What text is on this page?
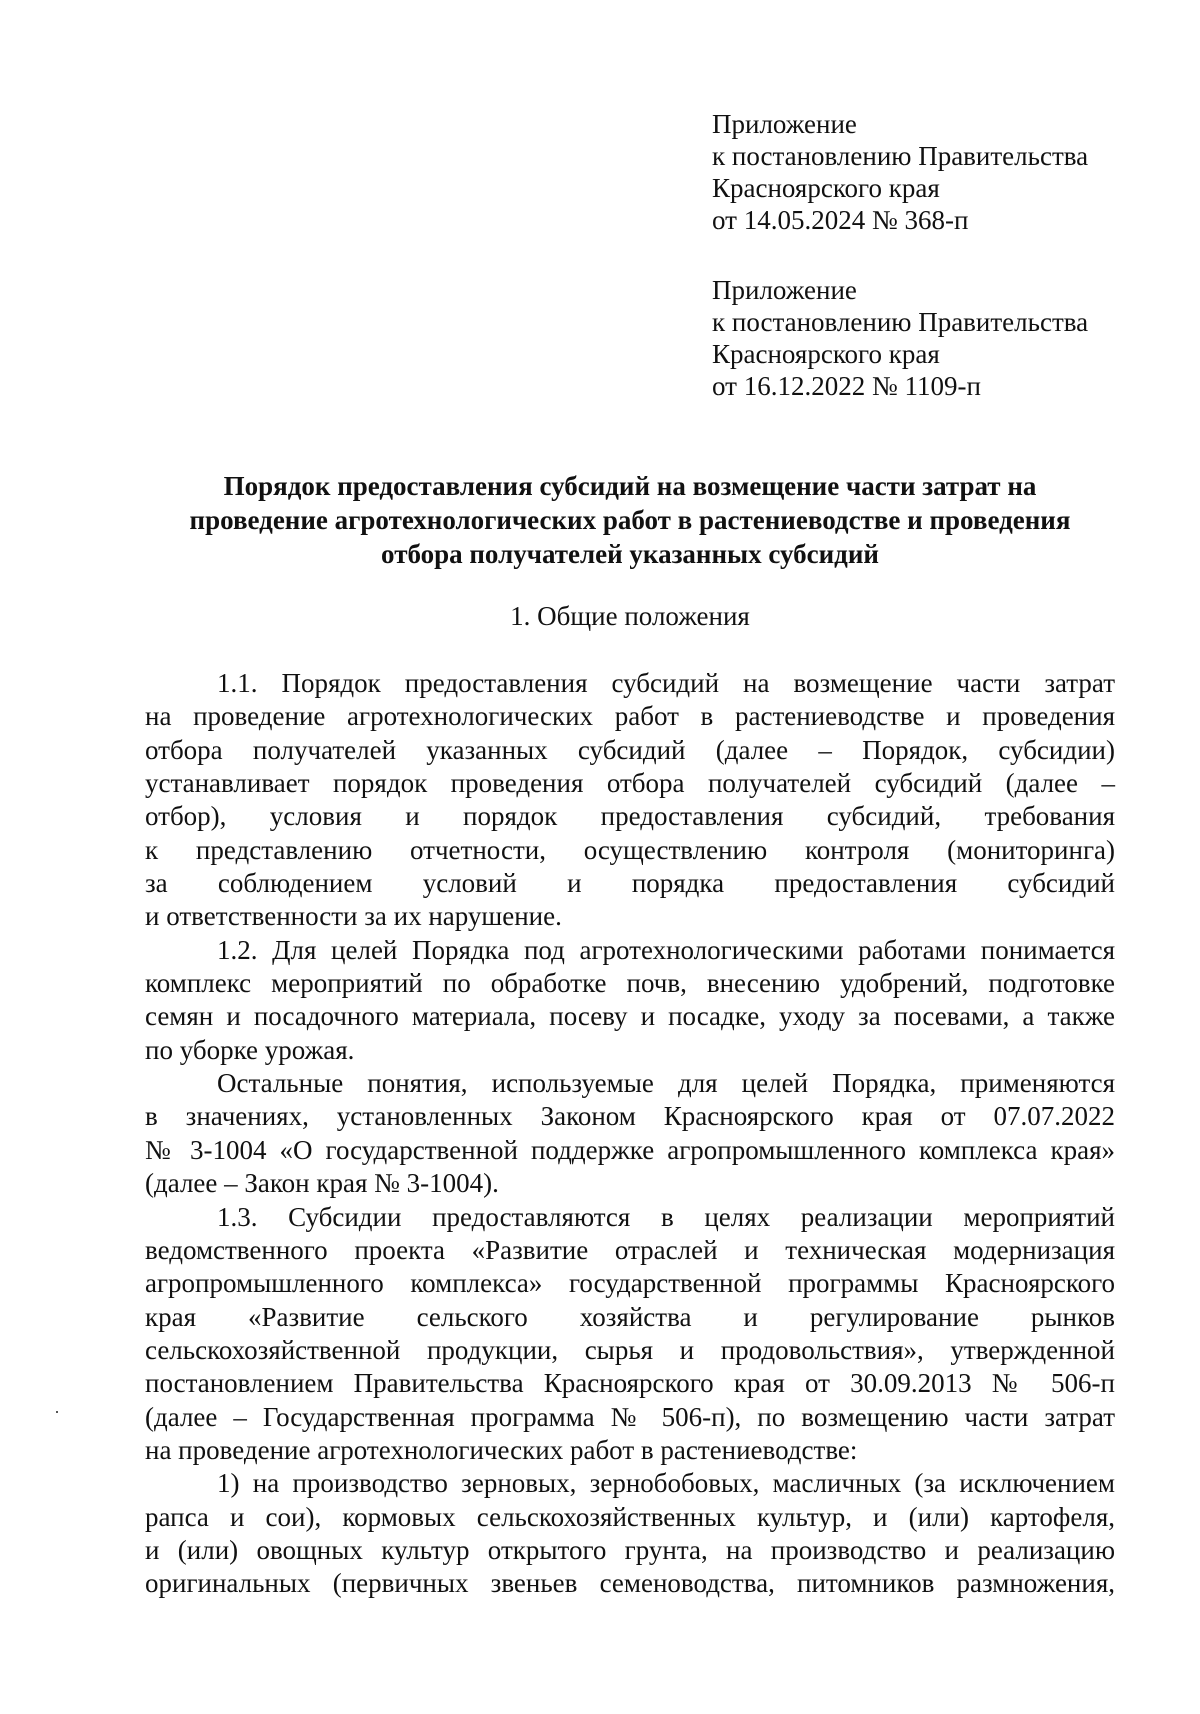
Приложение
к постановлению Правительства
Красноярского края
от 14.05.2024 № 368-п
Приложение
к постановлению Правительства
Красноярского края
от 16.12.2022 № 1109-п
Порядок предоставления субсидий на возмещение части затрат на
проведение агротехнологических работ в растениеводстве и проведения
отбора получателей указанных субсидий
1. Общие положения
1.1. Порядок предоставления субсидий на возмещение части затрат
на проведение агротехнологических работ в растениеводстве и проведения
отбора получателей указанных субсидий (далее – Порядок, субсидии)
устанавливает порядок проведения отбора получателей субсидий (далее –
отбор), условия и порядок предоставления субсидий, требования
к представлению отчетности, осуществлению контроля (мониторинга)
за соблюдением условий и порядка предоставления субсидий
и ответственности за их нарушение.
1.2. Для целей Порядка под агротехнологическими работами понимается
комплекс мероприятий по обработке почв, внесению удобрений, подготовке
семян и посадочного материала, посеву и посадке, уходу за посевами, а также
по уборке урожая.
Остальные понятия, используемые для целей Порядка, применяются
в значениях, установленных Законом Красноярского края от 07.07.2022
№ 3-1004 «О государственной поддержке агропромышленного комплекса края»
(далее – Закон края № 3-1004).
1.3. Субсидии предоставляются в целях реализации мероприятий
ведомственного проекта «Развитие отраслей и техническая модернизация
агропромышленного комплекса» государственной программы Красноярского
края «Развитие сельского хозяйства и регулирование рынков
сельскохозяйственной продукции, сырья и продовольствия», утвержденной
постановлением Правительства Красноярского края от 30.09.2013 № 506-п
(далее – Государственная программа № 506-п), по возмещению части затрат
на проведение агротехнологических работ в растениеводстве:
1) на производство зерновых, зернобобовых, масличных (за исключением
рапса и сои), кормовых сельскохозяйственных культур, и (или) картофеля,
и (или) овощных культур открытого грунта, на производство и реализацию
оригинальных (первичных звеньев семеноводства, питомников размножения,
